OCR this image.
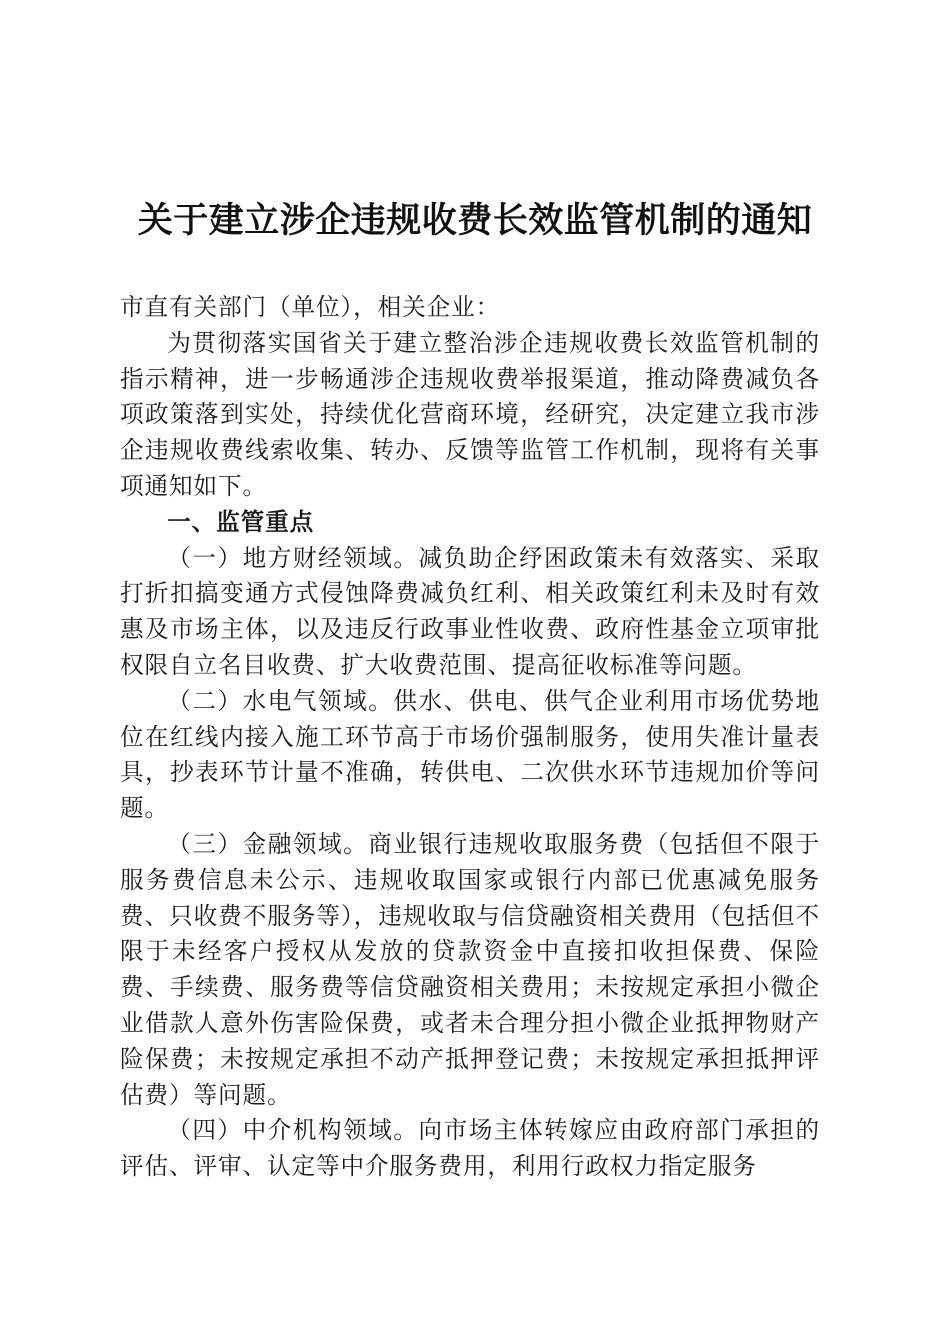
关于建立涉企违规收费长效监管机制的通知

市直有关部门（单位），相关企业：

为贯彻落实国省关于建立整治涉企违规收费长效监管机制的指示精神，进一步畅通涉企违规收费举报渠道，推动降费减负各项政策落到实处，持续优化营商环境，经研究，决定建立我市涉企违规收费线索收集、转办、反馈等监管工作机制，现将有关事项通知如下。

一、监管重点

（一）地方财经领域。减负助企纾困政策未有效落实、采取打折扣搞变通方式侵蚀降费减负红利、相关政策红利未及时有效惠及市场主体，以及违反行政事业性收费、政府性基金立项审批权限自立名目收费、扩大收费范围、提高征收标准等问题。

（二）水电气领域。供水、供电、供气企业利用市场优势地位在红线内接入施工环节高于市场价强制服务，使用失准计量表具，抄表环节计量不准确，转供电、二次供水环节违规加价等问题。

（三）金融领域。商业银行违规收取服务费（包括但不限于服务费信息未公示、违规收取国家或银行内部已优惠减免服务费、只收费不服务等），违规收取与信贷融资相关费用（包括但不限于未经客户授权从发放的贷款资金中直接扣收担保费、保险费、手续费、服务费等信贷融资相关费用；未按规定承担小微企业借款人意外伤害险保费，或者未合理分担小微企业抵押物财产险保费；未按规定承担不动产抵押登记费；未按规定承担抵押评估费）等问题。

（四）中介机构领域。向市场主体转嫁应由政府部门承担的评估、评审、认定等中介服务费用，利用行政权力指定服务
